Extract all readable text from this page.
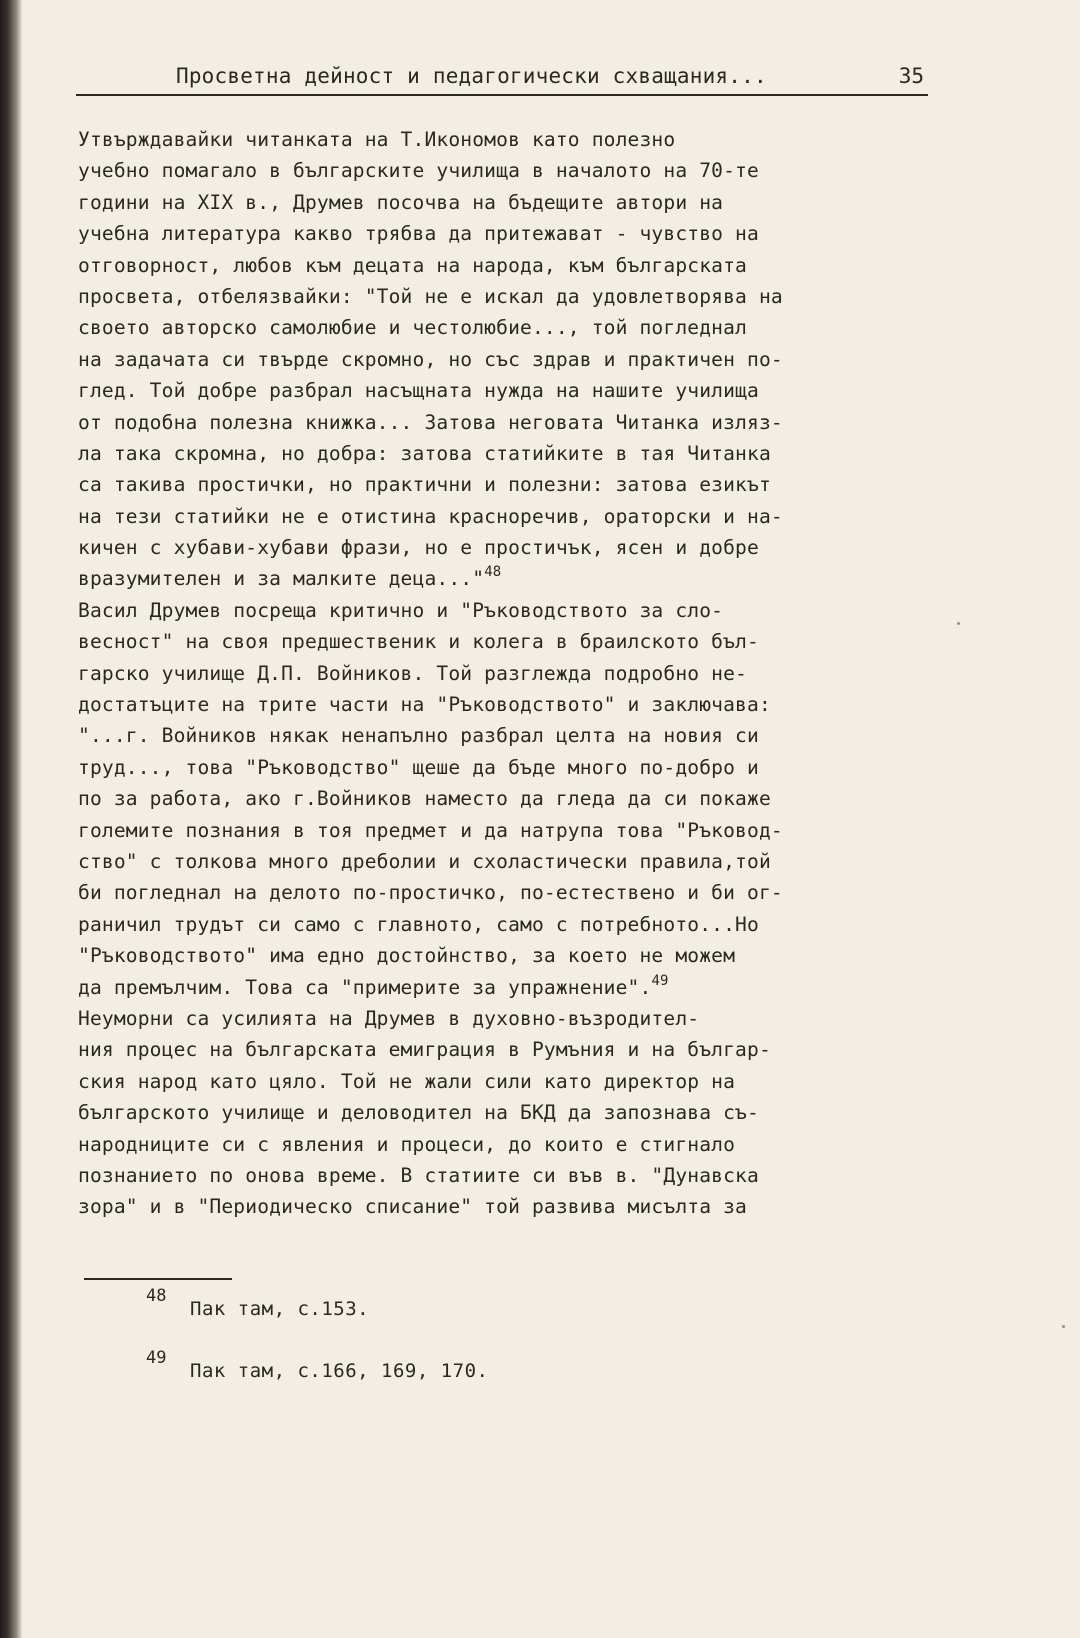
Просветна дейност и педагогически схващания...	35
Утвърждавайки читанката на Т.Икономов като полезно
учебно помагало в българските училища в началото на 70-те
години на XIX в., Друмев посочва на бъдещите автори на
учебна литература какво трябва да притежават - чувство на
отговорност, любов към децата на народа, към българската
просвета, отбелязвайки: "Той не е искал да удовлетворява на
своето авторско самолюбие и честолюбие..., той погледнал
на задачата си твърде скромно, но със здрав и практичен по-
глед. Той добре разбрал насъщната нужда на нашите училища
от подобна полезна книжка... Затова неговата Читанка изляз-
ла така скромна, но добра: затова статийките в тая Читанка
са такива простички, но практични и полезни: затова езикът
на тези статийки не е отистина красноречив, ораторски и на-
кичен с хубави-хубави фрази, но е простичък, ясен и добре
вразумителен и за малките деца..."$^{48}$
Васил Друмев посреща критично и "Ръководството за сло-
весност" на своя предшественик и колега в браилското бъл-
гарско училище Д.П. Войников. Той разглежда подробно не-
достатъците на трите части на "Ръководството" и заключава:
"...г. Войников някак ненапълно разбрал целта на новия си
труд..., това "Ръководство" щеше да бъде много по-добро и
по за работа, ако г.Войников наместо да гледа да си покаже
големите познания в тоя предмет и да натрупа това "Ръковод-
ство" с толкова много дреболии и схоластически правила,той
би погледнал на делото по-простичко, по-естествено и би ог-
раничил трудът си само с главното, само с потребното...Но
"Ръководството" има едно достойнство, за което не можем
да премълчим. Това са "примерите за упражнение".$^{49}$
Неуморни са усилията на Друмев в духовно-възродител-
ния процес на българската емиграция в Румъния и на българ-
ския народ като цяло. Той не жали сили като директор на
българското училище и деловодител на БКД да запознава съ-
народниците си с явления и процеси, до които е стигнало
познанието по онова време. В статиите си във в. "Дунавска
зора" и в "Периодическо списание" той развива мисълта за
48
Пак там, с.153.
49
Пак там, с.166, 169, 170.
